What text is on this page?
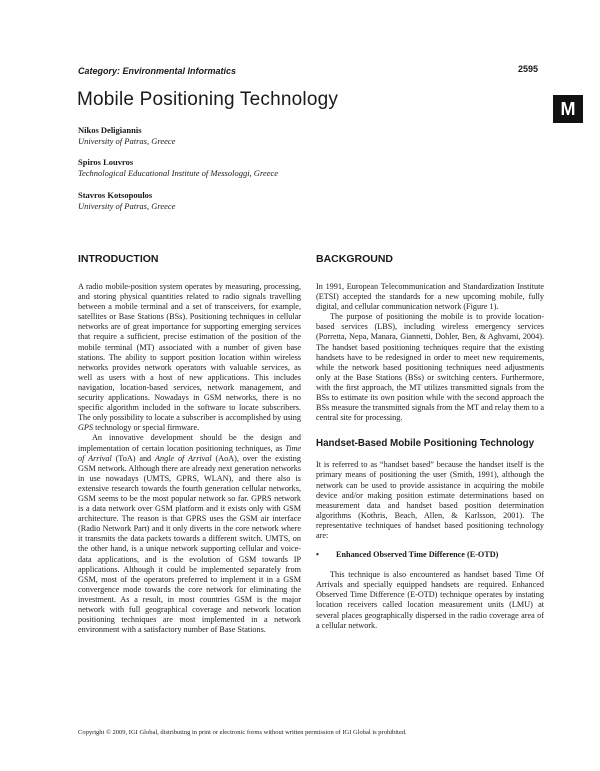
Category: Environmental Informatics	2595
M
Mobile Positioning Technology
Nikos Deligiannis
University of Patras, Greece
Spiros Louvros
Technological Educational Institute of Messologgi, Greece
Stavros Kotsopoulos
University of Patras, Greece
INTRODUCTION

A radio mobile-position system operates by measuring, processing, and storing physical quantities related to radio signals travelling between a mobile terminal and a set of transceivers, for example, satellites or Base Stations (BSs). Positioning techniques in cellular networks are of great importance for supporting emerging services that require a sufficient, precise estimation of the position of the mobile terminal (MT) associated with a number of given base stations. The ability to support position location within wireless networks provides network operators with valuable services, as well as users with a host of new applications. This includes navigation, location-based services, network management, and security applications. Nowadays in GSM networks, there is no specific algorithm included in the software to locate subscribers. The only possibility to locate a subscriber is accomplished by using GPS technology or special firmware.

An innovative development should be the design and implementation of certain location positioning techniques, as Time of Arrival (ToA) and Angle of Arrival (AoA), over the existing GSM network. Although there are already next generation networks in use nowadays (UMTS, GPRS, WLAN), and there also is extensive research towards the fourth generation cellular networks, GSM seems to be the most popular network so far. GPRS network is a data network over GSM platform and it exists only with GSM architecture. The reason is that GPRS uses the GSM air interface (Radio Network Part) and it only diverts in the core network where it transmits the data packets towards a different switch. UMTS, on the other hand, is a unique network supporting cellular and voice-data applications, and is the evolution of GSM towards IP applications. Although it could be implemented separately from GSM, most of the operators preferred to implement it in a GSM convergence mode towards the core network for eliminating the investment. As a result, in most countries GSM is the major network with full geographical coverage and network location positioning techniques are most implemented in a network environment with a satisfactory number of Base Stations.

BACKGROUND

In 1991, European Telecommunication and Standardization Institute (ETSI) accepted the standards for a new upcoming mobile, fully digital, and cellular communication network (Figure 1).

The purpose of positioning the mobile is to provide location-based services (LBS), including wireless emergency services (Porretta, Nepa, Manara, Giannetti, Dohler, Ben, & Aghvami, 2004). The handset based positioning techniques require that the existing handsets have to be redesigned in order to meet new requirements, while the network based positioning techniques need adjustments only at the Base Stations (BSs) or switching centers. Furthermore, with the first approach, the MT utilizes transmitted signals from the BSs to estimate its own position while with the second approach the BSs measure the transmitted signals from the MT and relay them to a central site for processing.

Handset-Based Mobile Positioning Technology

It is referred to as “handset based” because the handset itself is the primary means of positioning the user (Smith, 1991), although the network can be used to provide assistance in acquiring the mobile device and/or making position estimate determinations based on measurement data and handset based position determination algorithms (Kothris, Beach, Allen, & Karlsson, 2001). The representative techniques of handset based positioning technology are:

•	Enhanced Observed Time Difference (E-OTD)

This technique is also encountered as handset based Time Of Arrivals and specially equipped handsets are required. Enhanced Observed Time Difference (E-OTD) technique operates by instating location receivers called location measurement units (LMU) at several places geographically dispersed in the radio coverage area of a cellular network.

Copyright © 2009, IGI Global, distributing in print or electronic forms without written permission of IGI Global is prohibited.
